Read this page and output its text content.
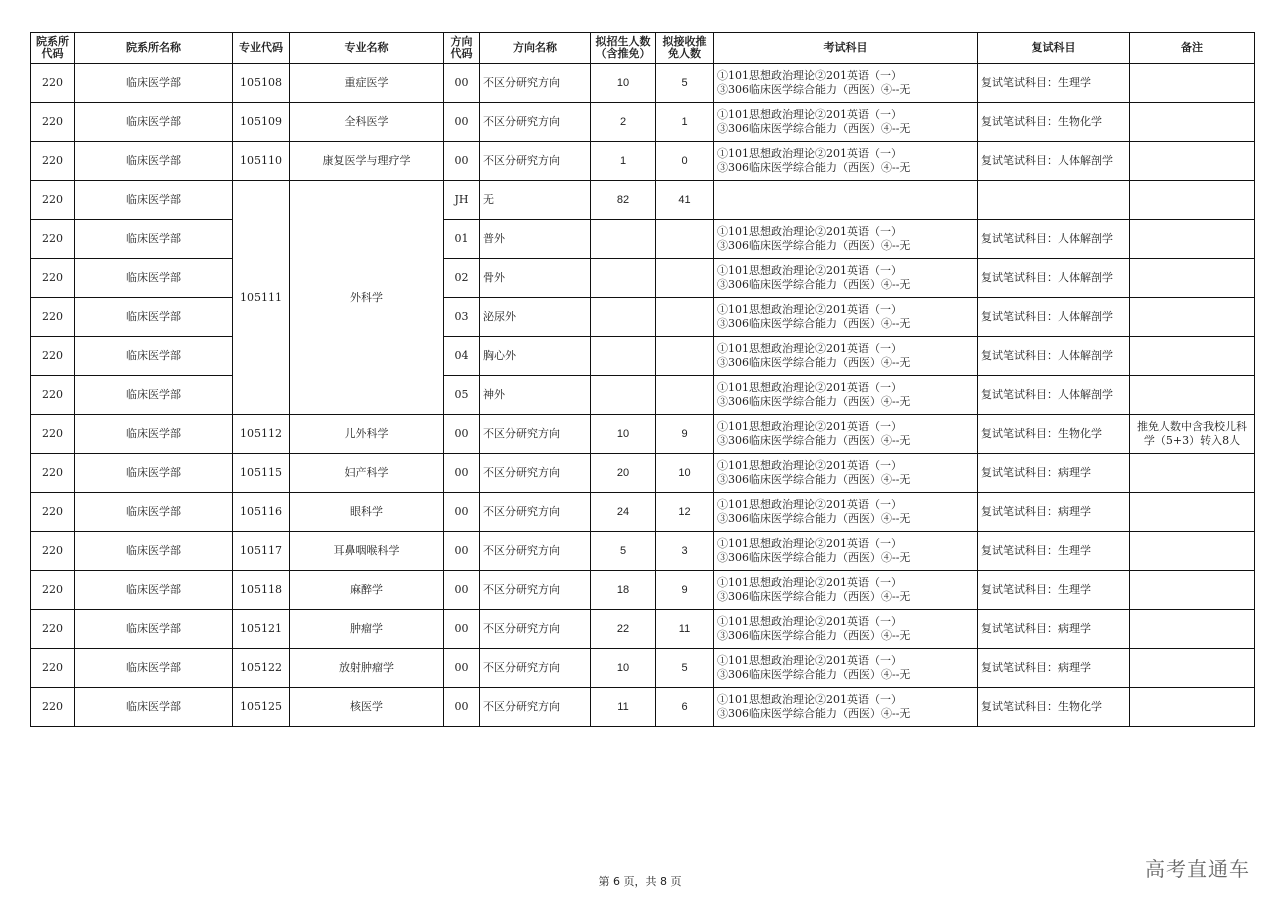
院系所代码	院系所名称	专业代码	专业名称	方向代码	方向名称	拟招生人数（含推免）	拟接收推免人数	考试科目	复试科目	备注
220	临床医学部	105108	重症医学	00	不区分研究方向	10	5	①101思想政治理论②201英语（一）
③306临床医学综合能力（西医）④--无	复试笔试科目：生理学	
220	临床医学部	105109	全科医学	00	不区分研究方向	2	1	①101思想政治理论②201英语（一）
③306临床医学综合能力（西医）④--无	复试笔试科目：生物化学	
220	临床医学部	105110	康复医学与理疗学	00	不区分研究方向	1	0	①101思想政治理论②201英语（一）
③306临床医学综合能力（西医）④--无	复试笔试科目：人体解剖学	
220	临床医学部	105111	外科学	JH	无	82	41			
220	临床医学部			01	普外			①101思想政治理论②201英语（一）
③306临床医学综合能力（西医）④--无	复试笔试科目：人体解剖学	
220	临床医学部			02	骨外			①101思想政治理论②201英语（一）
③306临床医学综合能力（西医）④--无	复试笔试科目：人体解剖学	
220	临床医学部			03	泌尿外			①101思想政治理论②201英语（一）
③306临床医学综合能力（西医）④--无	复试笔试科目：人体解剖学	
220	临床医学部			04	胸心外			①101思想政治理论②201英语（一）
③306临床医学综合能力（西医）④--无	复试笔试科目：人体解剖学	
220	临床医学部			05	神外			①101思想政治理论②201英语（一）
③306临床医学综合能力（西医）④--无	复试笔试科目：人体解剖学	
220	临床医学部	105112	儿外科学	00	不区分研究方向	10	9	①101思想政治理论②201英语（一）
③306临床医学综合能力（西医）④--无	复试笔试科目：生物化学	推免人数中含我校儿科学（5+3）转入8人
220	临床医学部	105115	妇产科学	00	不区分研究方向	20	10	①101思想政治理论②201英语（一）
③306临床医学综合能力（西医）④--无	复试笔试科目：病理学	
220	临床医学部	105116	眼科学	00	不区分研究方向	24	12	①101思想政治理论②201英语（一）
③306临床医学综合能力（西医）④--无	复试笔试科目：病理学	
220	临床医学部	105117	耳鼻咽喉科学	00	不区分研究方向	5	3	①101思想政治理论②201英语（一）
③306临床医学综合能力（西医）④--无	复试笔试科目：生理学	
220	临床医学部	105118	麻醉学	00	不区分研究方向	18	9	①101思想政治理论②201英语（一）
③306临床医学综合能力（西医）④--无	复试笔试科目：生理学	
220	临床医学部	105121	肿瘤学	00	不区分研究方向	22	11	①101思想政治理论②201英语（一）
③306临床医学综合能力（西医）④--无	复试笔试科目：病理学	
220	临床医学部	105122	放射肿瘤学	00	不区分研究方向	10	5	①101思想政治理论②201英语（一）
③306临床医学综合能力（西医）④--无	复试笔试科目：病理学	
220	临床医学部	105125	核医学	00	不区分研究方向	11	6	①101思想政治理论②201英语（一）
③306临床医学综合能力（西医）④--无	复试笔试科目：生物化学	
第 6 页，共 8 页
高考直通车
